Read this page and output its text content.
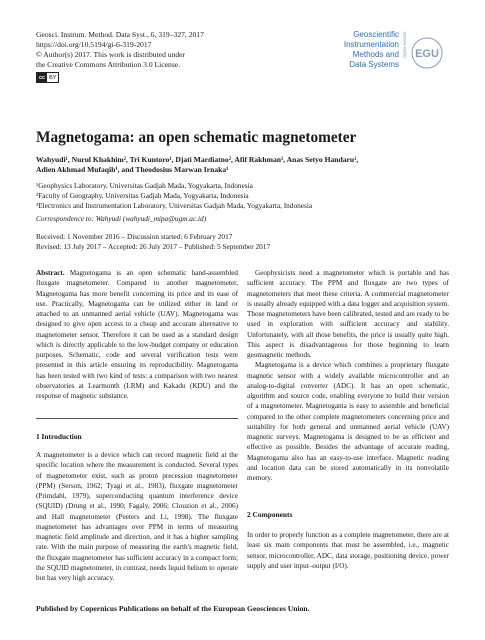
Geosci. Instrum. Method. Data Syst., 6, 319–327, 2017
https://doi.org/10.5194/gi-6-319-2017
© Author(s) 2017. This work is distributed under
the Creative Commons Attribution 3.0 License.
cc BY
Geoscientific
Instrumentation
Methods and
Data Systems
Open Access EGU
Magnetogama: an open schematic magnetometer
Wahyudi¹, Nurul Khakhim², Tri Kuntoro¹, Djati Mardiatno², Afif Rakhman¹, Anas Setyo Handaru¹,
Adien Akhmad Mufaqih¹, and Theodosius Marwan Irnaka¹
¹Geophysics Laboratory, Universitas Gadjah Mada, Yogyakarta, Indonesia
²Faculty of Geography, Universitas Gadjah Mada, Yogyakarta, Indonesia
³Electronics and Instrumentation Laboratory, Universitas Gadjah Mada, Yogyakarta, Indonesia
Correspondence to: Wahyudi (wahyudi_mipa@ugm.ac.id)
Received: 1 November 2016 – Discussion started: 6 February 2017
Revised: 13 July 2017 – Accepted: 26 July 2017 – Published: 5 September 2017

Abstract. Magnetogama is an open schematic hand-assembled fluxgate magnetometer. Compared to another magnetometer, Magnetogama has more benefit concerning its price and its ease of use. Practically, Magnetogama can be utilized either in land or attached to an unmanned aerial vehicle (UAV). Magnetogama was designed to give open access to a cheap and accurate alternative to magnetometer sensor. Therefore it can be used as a standard design which is directly applicable to the low-budget company or education purposes. Schematic, code and several verification tests were presented in this article ensuring its reproducibility. Magnetogama has been tested with two kind of tests: a comparison with two nearest observatories at Learmonth (LRM) and Kakadu (KDU) and the response of magnetic substance.

1 Introduction
A magnetometer is a device which can record magnetic field at the specific location where the measurement is conducted. Several types of magnetometer exist, such as proton precession magnetometer (PPM) (Serson, 1962; Tyagi et al., 1983), fluxgate magnetometer (Primdahl, 1979), superconducting quantum interference device (SQUID) (Drung et al., 1990; Fagaly, 2006; Clouzion et al., 2006) and Hall magnetometer (Peeters and Li, 1998). The fluxgate magnetometer has advantages over PPM in terms of measuring magnetic field amplitude and direction, and it has a higher sampling rate. With the main purpose of measuring the earth's magnetic field, the fluxgate magnetometer has sufficient accuracy in a compact form; the SQUID magnetometer, in contrast, needs liquid helium to operate but has very high accuracy.

Geophysicists need a magnetometer which is portable and has sufficient accuracy. The PPM and fluxgate are two types of magnetometers that meet these criteria. A commercial magnetometer is usually already equipped with a data logger and acquisition system. Those magnetometers have been calibrated, tested and are ready to be used in exploration with sufficient accuracy and stability. Unfortunately, with all those benefits, the price is usually quite high. This aspect is disadvantageous for those beginning to learn geomagnetic methods.

Magnetogama is a device which combines a proprietary fluxgate magnetic sensor with a widely available microcontroller and an analog-to-digital converter (ADC). It has an open schematic, algorithm and source code, enabling everyone to build their version of a magnetometer. Magnetogama is easy to assemble and beneficial compared to the other complete magnetometers concerning price and suitability for both general and unmanned aerial vehicle (UAV) magnetic surveys. Magnetogama is designed to be as efficient and effective as possible. Besides the advantage of accurate reading, Magnetogama also has an easy-to-use interface. Magnetic reading and location data can be stored automatically in its nonvolatile memory.

2 Components
In order to properly function as a complete magnetometer, there are at least six main components that must be assembled, i.e., magnetic sensor, microcontroller, ADC, data storage, positioning device, power supply and user input–output (I/O).
Published by Copernicus Publications on behalf of the European Geosciences Union.
